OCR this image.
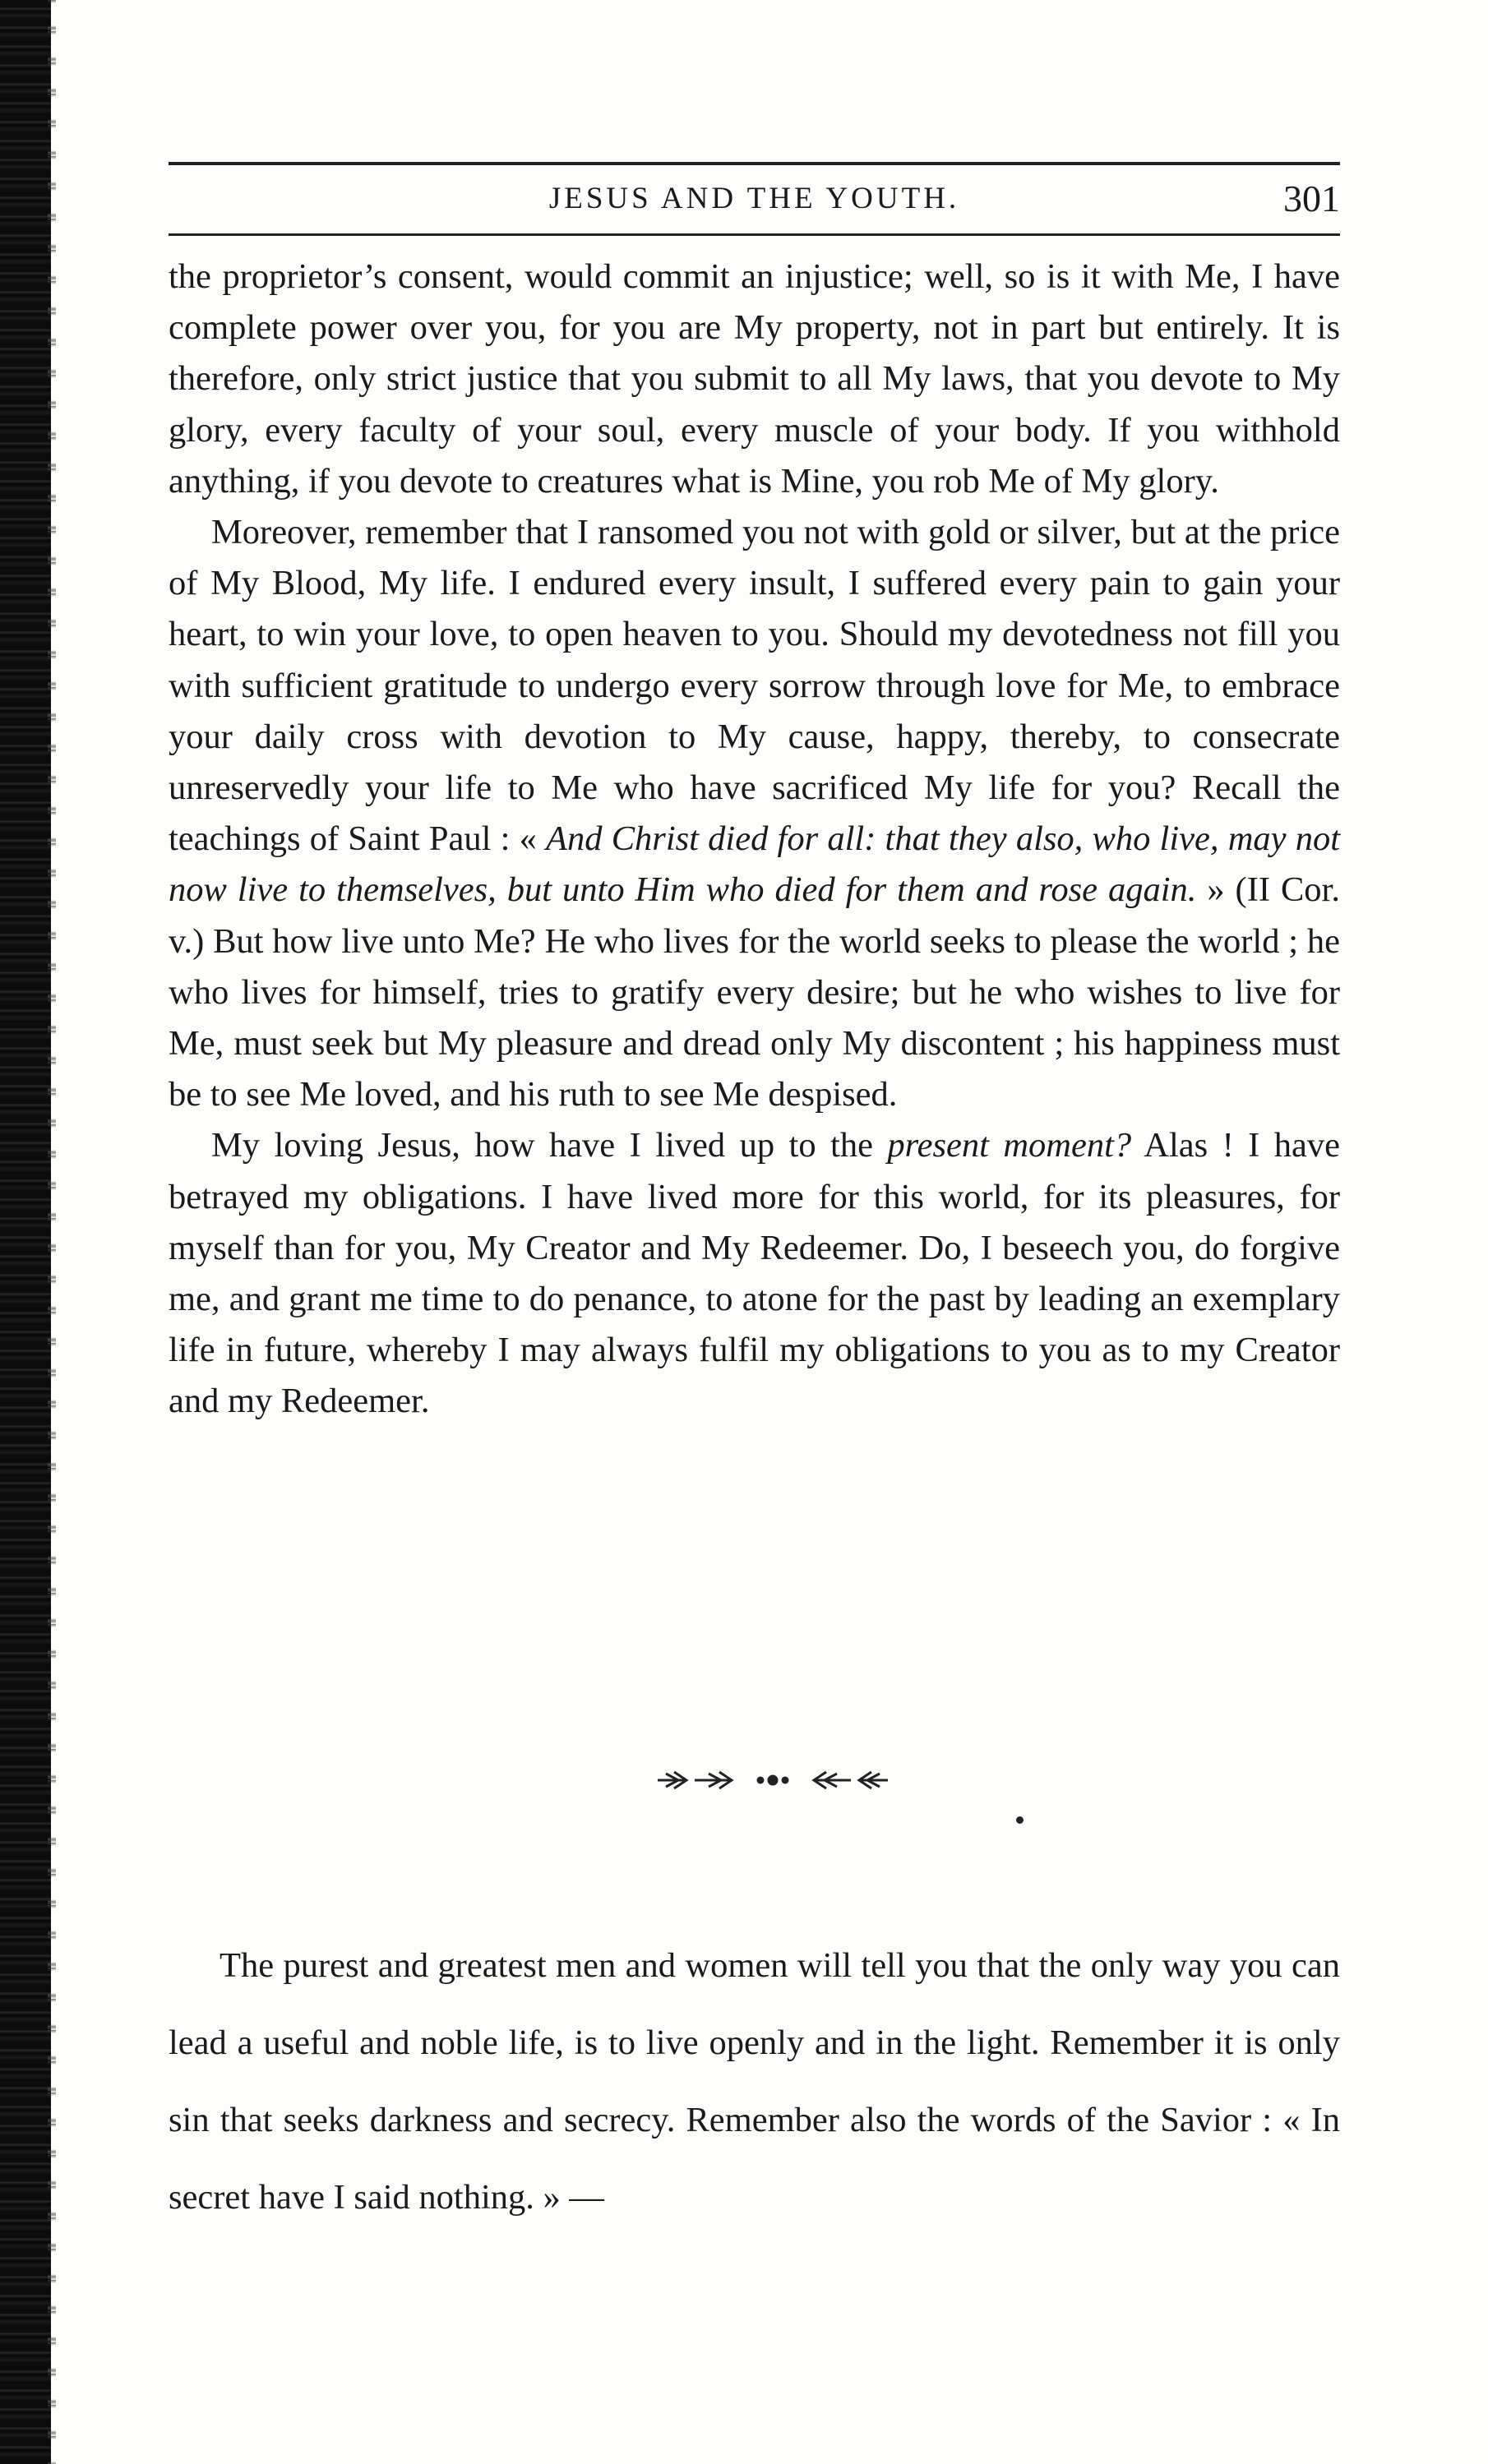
JESUS AND THE YOUTH.	301

the proprietor’s consent, would commit an injustice; well, so is it with Me, I have complete power over you, for you are My property, not in part but entirely. It is therefore, only strict justice that you submit to all My laws, that you devote to My glory, every faculty of your soul, every muscle of your body. If you withhold anything, if you devote to creatures what is Mine, you rob Me of My glory.

Moreover, remember that I ransomed you not with gold or silver, but at the price of My Blood, My life. I endured every insult, I suffered every pain to gain your heart, to win your love, to open heaven to you. Should my devotedness not fill you with sufficient gratitude to undergo every sorrow through love for Me, to embrace your daily cross with devotion to My cause, happy, thereby, to consecrate unreservedly your life to Me who have sacrificed My life for you? Recall the teachings of Saint Paul : « And Christ died for all: that they also, who live, may not now live to themselves, but unto Him who died for them and rose again. » (II Cor. v.) But how live unto Me? He who lives for the world seeks to please the world ; he who lives for himself, tries to gratify every desire; but he who wishes to live for Me, must seek but My pleasure and dread only My discontent ; his happiness must be to see Me loved, and his ruth to see Me despised.

My loving Jesus, how have I lived up to the present moment? Alas ! I have betrayed my obligations. I have lived more for this world, for its pleasures, for myself than for you, My Creator and My Redeemer. Do, I beseech you, do forgive me, and grant me time to do penance, to atone for the past by leading an exemplary life in future, whereby I may always fulfil my obligations to you as to my Creator and my Redeemer.

The purest and greatest men and women will tell you that the only way you can lead a useful and noble life, is to live openly and in the light. Remember it is only sin that seeks darkness and secrecy. Remember also the words of the Savior : « In secret have I said nothing. » —
